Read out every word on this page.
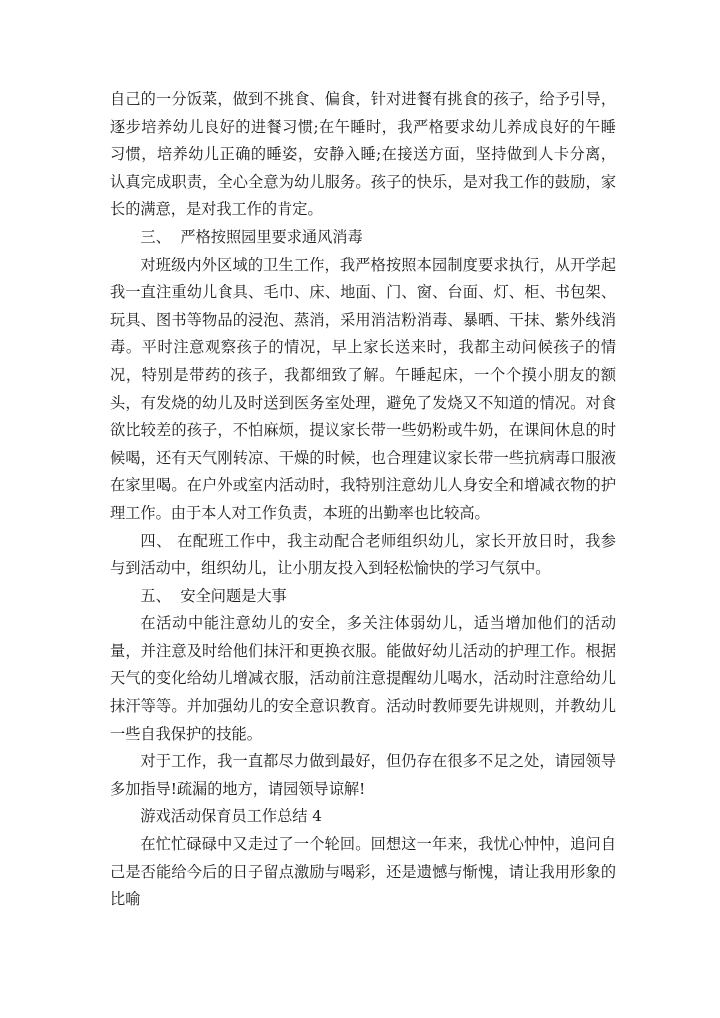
自己的一分饭菜，做到不挑食、偏食，针对进餐有挑食的孩子，给予引导，逐步培养幼儿良好的进餐习惯;在午睡时，我严格要求幼儿养成良好的午睡习惯，培养幼儿正确的睡姿，安静入睡;在接送方面，坚持做到人卡分离，认真完成职责，全心全意为幼儿服务。孩子的快乐，是对我工作的鼓励，家长的满意，是对我工作的肯定。

三、  严格按照园里要求通风消毒

对班级内外区域的卫生工作，我严格按照本园制度要求执行，从开学起我一直注重幼儿食具、毛巾、床、地面、门、窗、台面、灯、柜、书包架、玩具、图书等物品的浸泡、蒸消，采用消洁粉消毒、暴晒、干抹、紫外线消毒。平时注意观察孩子的情况，早上家长送来时，我都主动问候孩子的情况，特别是带药的孩子，我都细致了解。午睡起床，一个个摸小朋友的额头，有发烧的幼儿及时送到医务室处理，避免了发烧又不知道的情况。对食欲比较差的孩子，不怕麻烦，提议家长带一些奶粉或牛奶，在课间休息的时候喝，还有天气刚转凉、干燥的时候，也合理建议家长带一些抗病毒口服液在家里喝。在户外或室内活动时，我特别注意幼儿人身安全和增减衣物的护理工作。由于本人对工作负责，本班的出勤率也比较高。

四、 在配班工作中，我主动配合老师组织幼儿，家长开放日时，我参与到活动中，组织幼儿，让小朋友投入到轻松愉快的学习气氛中。

五、  安全问题是大事

在活动中能注意幼儿的安全，多关注体弱幼儿，适当增加他们的活动量，并注意及时给他们抹汗和更换衣服。能做好幼儿活动的护理工作。根据天气的变化给幼儿增减衣服，活动前注意提醒幼儿喝水，活动时注意给幼儿抹汗等等。并加强幼儿的安全意识教育。活动时教师要先讲规则，并教幼儿一些自我保护的技能。

对于工作，我一直都尽力做到最好，但仍存在很多不足之处，请园领导多加指导!疏漏的地方，请园领导谅解!

游戏活动保育员工作总结 4

在忙忙碌碌中又走过了一个轮回。回想这一年来，我忧心忡忡，追问自己是否能给今后的日子留点激励与喝彩，还是遗憾与惭愧，请让我用形象的比喻
